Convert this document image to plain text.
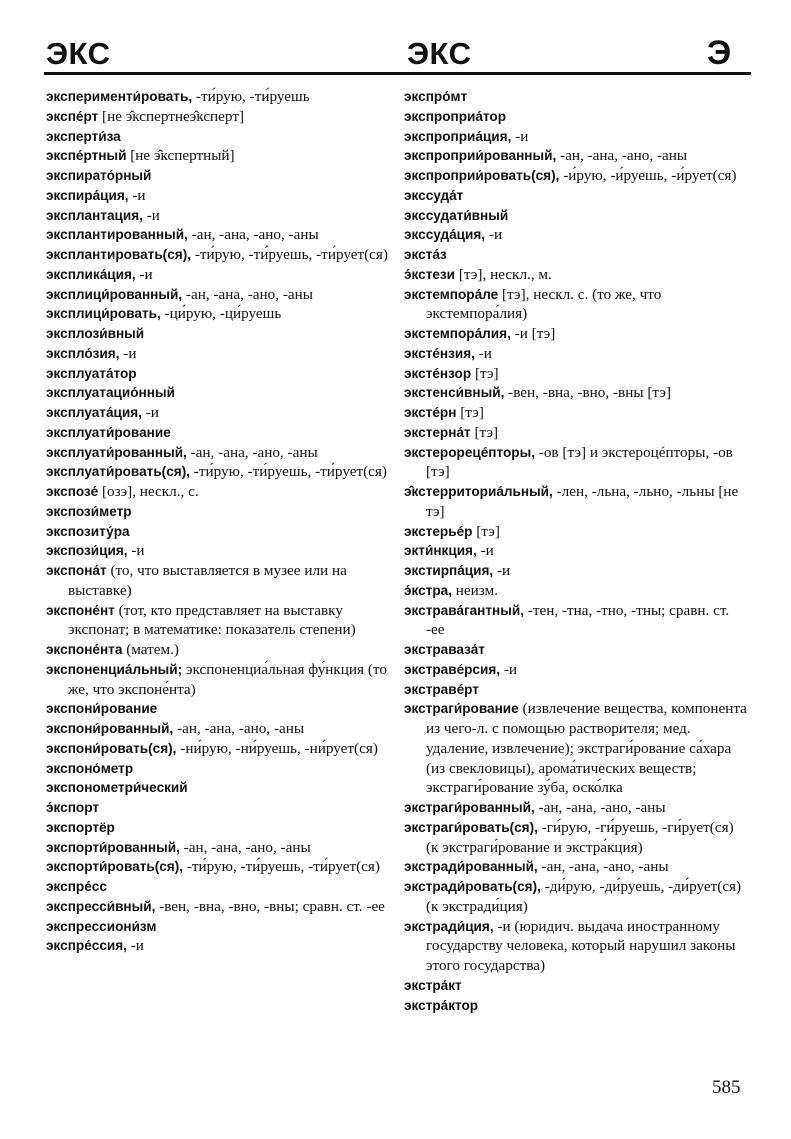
ЭКС	ЭКС	Э

эксперименти́ровать, -ти́рую, -ти́руешь

экспе́рт [не э̂кспертнеэ̂ксперт]

эксперти́за

экспе́ртный [не э̂кспертный]

экспирато́рный

экспира́ция, -и

эксплантация, -и

эксплантированный, -ан, -ана, -ано, -аны

эксплантировать(ся), -ти́рую, -ти́руешь, -ти́рует(ся)

эксплика́ция, -и

эксплици́рованный, -ан, -ана, -ано, -аны

эксплици́ровать, -ци́рую, -ци́руешь

эксплози́вный

экспло́зия, -и

эксплуата́тор

эксплуатацио́нный

эксплуата́ция, -и

эксплуати́рование

эксплуати́рованный, -ан, -ана, -ано, -аны

эксплуати́ровать(ся), -ти́рую, -ти́руешь, -ти́рует(ся)

экспозе́ [озэ], нескл., с.

экспози́метр

экспозиту́ра

экспози́ция, -и

экспона́т (то, что выставляется в музее или на выставке)

экспоне́нт (тот, кто представляет на выставку экспонат; в математике: показатель степени)

экспоне́нта (матем.)

экспоненциа́льный; экспоненциа́льная фу́нкция (то же, что экспоне́нта)

экспони́рование

экспони́рованный, -ан, -ана, -ано, -аны

экспони́ровать(ся), -ни́рую, -ни́руешь, -ни́рует(ся)

экспоно́метр

экспонометри́ческий

э́кспорт

экспортёр

экспорти́рованный, -ан, -ана, -ано, -аны

экспорти́ровать(ся), -ти́рую, -ти́руешь, -ти́рует(ся)

экспре́сс

экспресси́вный, -вен, -вна, -вно, -вны; сравн. ст. -ее

экспрессиони́зм

экспре́ссия, -и

экспро́мт

экспроприа́тор

экспроприа́ция, -и

экспроприи́рованный, -ан, -ана, -ано, -аны

экспроприи́ровать(ся), -и́рую, -и́руешь, -и́рует(ся)

экссуда́т

экссудати́вный

экссуда́ция, -и

экста́з

э́кстези [тэ], нескл., м.

экстемпора́ле [тэ], нескл. с. (то же, что экстемпора́лия)

экстемпора́лия, -и [тэ]

экстéнзия, -и

экстéнзор [тэ]

экстенси́вный, -вен, -вна, -вно, -вны [тэ]

экстéрн [тэ]

экстерна́т [тэ]

экстерорецéпторы, -ов [тэ] и экстероцéпторы, -ов [тэ]

э̂кстерриториа́льный, -лен, -льна, -льно, -льны [не тэ]

экстерьéр [тэ]

экти́нкция, -и

экстирпа́ция, -и

э́кстра, неизм.

экстрава́гантный, -тен, -тна, -тно, -тны; сравн. ст. -ее

экстраваза́т

экстравéрсия, -и

экстравéрт

экстраги́рование (извлечение вещества, компонента из чего-л. с помощью растворителя; мед. удаление, извлечение); экстраги́рование са́хара (из свекловицы), арома́тических веществ; экстраги́рование зу́ба, оско́лка

экстраги́рованный, -ан, -ана, -ано, -аны

экстраги́ровать(ся), -ги́рую, -ги́руешь, -ги́рует(ся) (к экстраги́рование и экстра́кция)

экстради́рованный, -ан, -ана, -ано, -аны

экстради́ровать(ся), -ди́рую, -ди́руешь, -ди́рует(ся) (к экстради́ция)

экстради́ция, -и (юридич. выдача иностранному государству человека, который нарушил законы этого государства)

экстра́кт

экстра́ктор

585
